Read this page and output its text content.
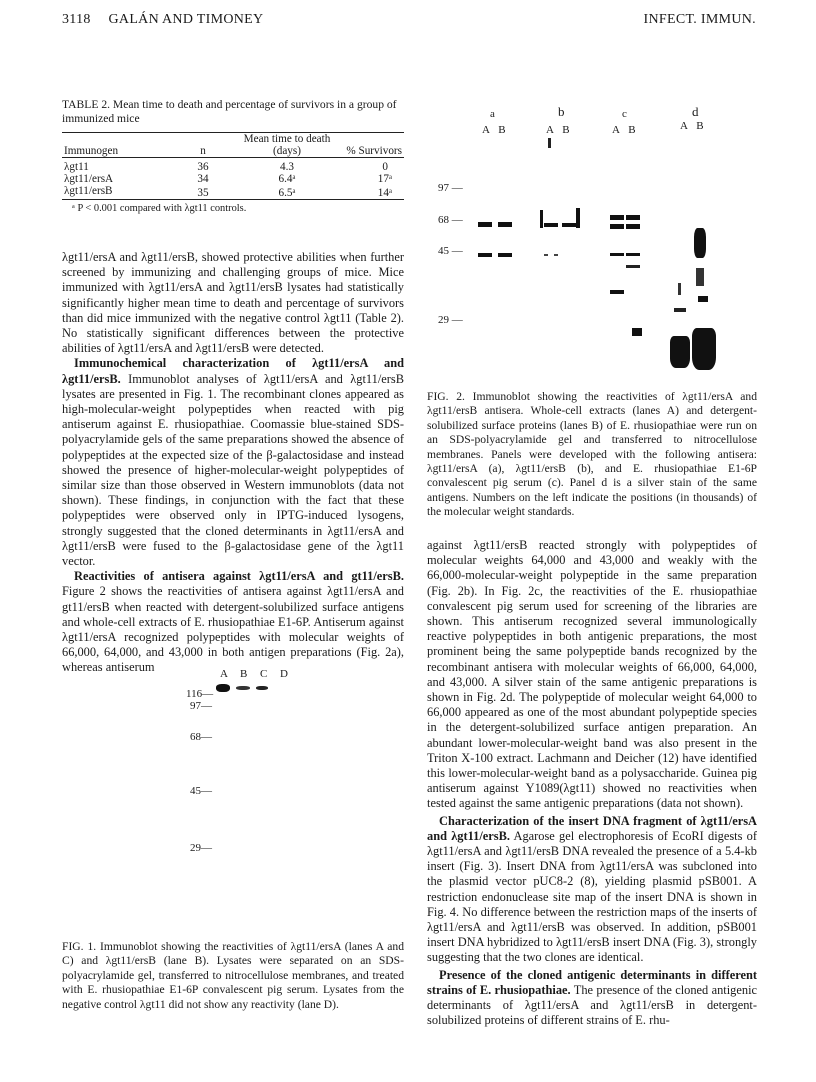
3118 GALÁN AND TIMONEY	INFECT. IMMUN.
TABLE 2. Mean time to death and percentage of survivors in a group of immunized mice
Immunogen	n	Mean time to death (days)	% Survivors
λgt11	36	4.3	0
λgt11/ersA	34	6.4ᵃ	17ᵃ
λgt11/ersB	35	6.5ᵃ	14ᵃ
ᵃ P < 0.001 compared with λgt11 controls.

λgt11/ersA and λgt11/ersB, showed protective abilities when further screened by immunizing and challenging groups of mice. Mice immunized with λgt11/ersA and λgt11/ersB lysates had statistically significantly higher mean time to death and percentage of survivors than did mice immunized with the negative control λgt11 (Table 2). No statistically significant differences between the protective abilities of λgt11/ersA and λgt11/ersB were detected.

Immunochemical characterization of λgt11/ersA and λgt11/ersB. Immunoblot analyses of λgt11/ersA and λgt11/ersB lysates are presented in Fig. 1. The recombinant clones appeared as high-molecular-weight polypeptides when reacted with pig antiserum against E. rhusiopathiae. Coomassie blue-stained SDS-polyacrylamide gels of the same preparations showed the absence of polypeptides at the expected size of the β-galactosidase and instead showed the presence of higher-molecular-weight polypeptides of similar size than those observed in Western immunoblots (data not shown). These findings, in conjunction with the fact that these polypeptides were observed only in IPTG-induced lysogens, strongly suggested that the cloned determinants in λgt11/ersA and λgt11/ersB were fused to the β-galactosidase gene of the λgt11 vector.

Reactivities of antisera against λgt11/ersA and gt11/ersB. Figure 2 shows the reactivities of antisera against λgt11/ersA and gt11/ersB when reacted with detergent-solubilized surface antigens and whole-cell extracts of E. rhusiopathiae E1-6P. Antiserum against λgt11/ersA recognized polypeptides with molecular weights of 66,000, 64,000, and 43,000 in both antigen preparations (Fig. 2a), whereas antiserum	A B C D
116—
97—
68—
45—
29—
FIG. 1. Immunoblot showing the reactivities of λgt11/ersA (lanes A and C) and λgt11/ersB (lane B). Lysates were separated on an SDS-polyacrylamide gel, transferred to nitrocellulose membranes, and treated with E. rhusiopathiae E1-6P convalescent pig serum. Lysates from the negative control λgt11 did not show any reactivity (lane D).
a	b	c	d
A B	A B	A B	A B
97 —
68 —
45 —
29 —
FIG. 2. Immunoblot showing the reactivities of λgt11/ersA and λgt11/ersB antisera. Whole-cell extracts (lanes A) and detergent-solubilized surface proteins (lanes B) of E. rhusiopathiae were run on an SDS-polyacrylamide gel and transferred to nitrocellulose membranes. Panels were developed with the following antisera: λgt11/ersA (a), λgt11/ersB (b), and E. rhusiopathiae E1-6P convalescent pig serum (c). Panel d is a silver stain of the same antigens. Numbers on the left indicate the positions (in thousands) of the molecular weight standards.

against λgt11/ersB reacted strongly with polypeptides of molecular weights 64,000 and 43,000 and weakly with the 66,000-molecular-weight polypeptide in the same preparation (Fig. 2b). In Fig. 2c, the reactivities of the E. rhusiopathiae convalescent pig serum used for screening of the libraries are shown. This antiserum recognized several immunologically reactive polypeptides in both antigenic preparations, the most prominent being the same polypeptide bands recognized by the recombinant antisera with molecular weights of 66,000, 64,000, and 43,000. A silver stain of the same antigenic preparations is shown in Fig. 2d. The polypeptide of molecular weight 64,000 to 66,000 appeared as one of the most abundant polypeptide species in the detergent-solubilized surface antigen preparation. An abundant lower-molecular-weight band was also present in the Triton X-100 extract. Lachmann and Deicher (12) have identified this lower-molecular-weight band as a polysaccharide. Guinea pig antiserum against Y1089(λgt11) showed no reactivities when tested against the same antigenic preparations (data not shown).

Characterization of the insert DNA fragment of λgt11/ersA and λgt11/ersB. Agarose gel electrophoresis of EcoRI digests of λgt11/ersA and λgt11/ersB DNA revealed the presence of a 5.4-kb insert (Fig. 3). Insert DNA from λgt11/ersA was subcloned into the plasmid vector pUC8-2 (8), yielding plasmid pSB001. A restriction endonuclease site map of the insert DNA is shown in Fig. 4. No difference between the restriction maps of the inserts of λgt11/ersA and λgt11/ersB was observed. In addition, pSB001 insert DNA hybridized to λgt11/ersB insert DNA (Fig. 3), strongly suggesting that the two clones are identical.

Presence of the cloned antigenic determinants in different strains of E. rhusiopathiae. The presence of the cloned antigenic determinants of λgt11/ersA and λgt11/ersB in detergent-solubilized proteins of different strains of E. rhu-
